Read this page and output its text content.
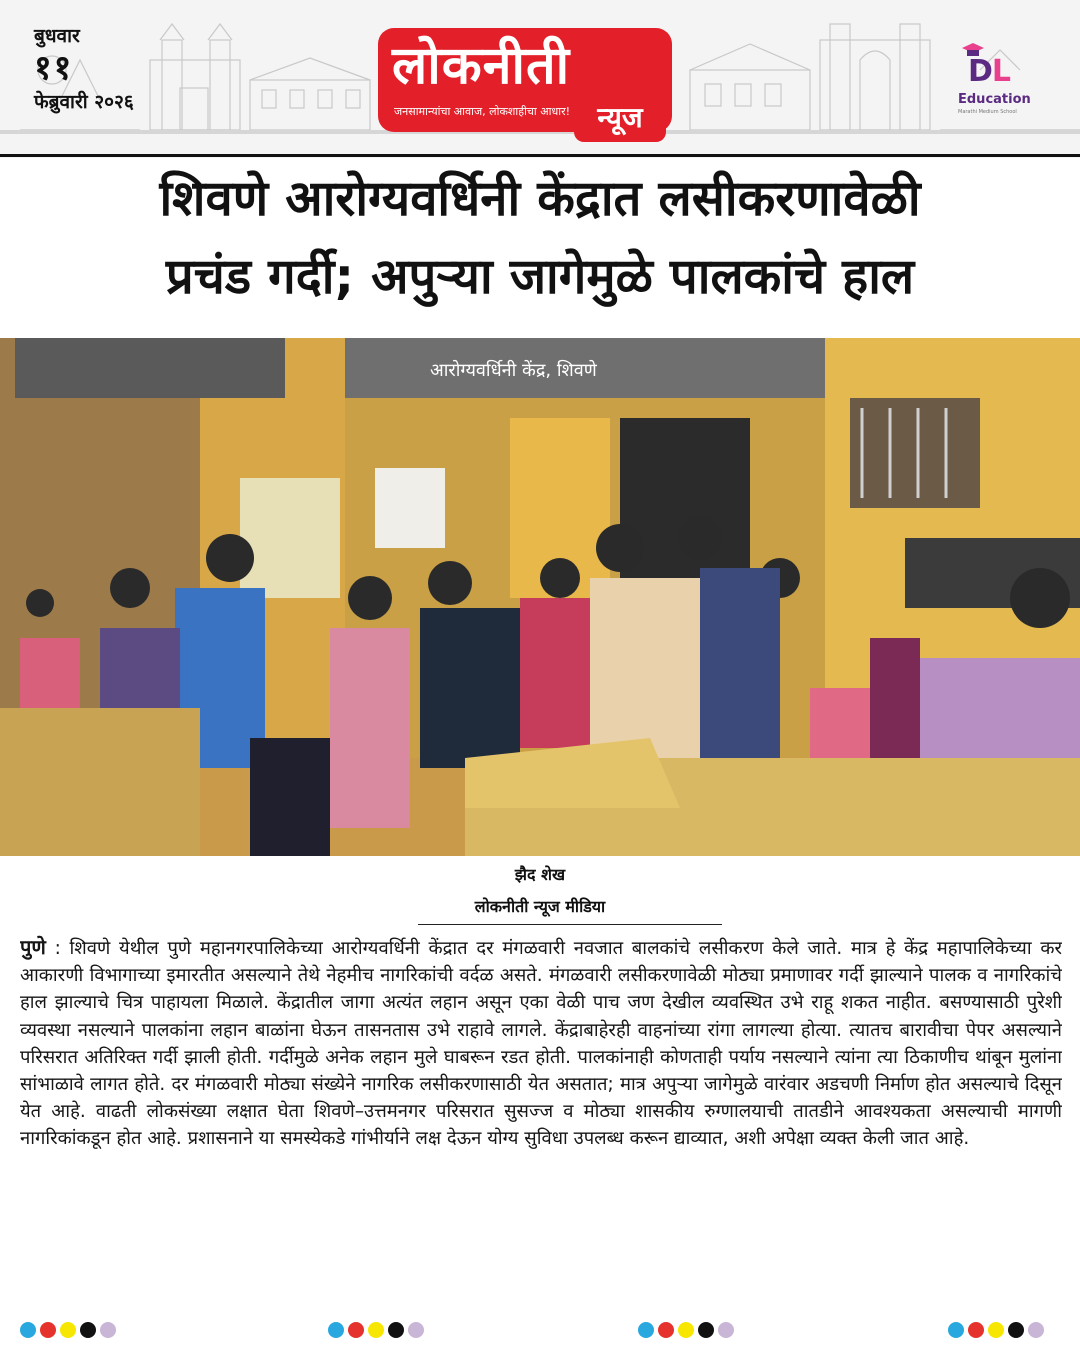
बुधवार
११
फेब्रुवारी २०२६
लोकनीती
जनसामान्यांचा आवाज, लोकशाहीचा आधार! न्यूज
DL
Education
Marathi Medium School
शिवणे आरोग्यवर्धिनी केंद्रात लसीकरणावेळी
प्रचंड गर्दी; अपुऱ्या जागेमुळे पालकांचे हाल
आरोग्यवर्धिनी केंद्र, शिवणे
झैद शेख
लोकनीती न्यूज मीडिया
पुणे : शिवणे येथील पुणे महानगरपालिकेच्या आरोग्यवर्धिनी केंद्रात दर मंगळवारी नवजात बालकांचे लसीकरण केले जाते. मात्र हे केंद्र महापालिकेच्या कर आकारणी विभागाच्या इमारतीत असल्याने तेथे नेहमीच नागरिकांची वर्दळ असते. मंगळवारी लसीकरणावेळी मोठ्या प्रमाणावर गर्दी झाल्याने पालक व नागरिकांचे हाल झाल्याचे चित्र पाहायला मिळाले. केंद्रातील जागा अत्यंत लहान असून एका वेळी पाच जण देखील व्यवस्थित उभे राहू शकत नाहीत. बसण्यासाठी पुरेशी व्यवस्था नसल्याने पालकांना लहान बाळांना घेऊन तासनतास उभे राहावे लागले. केंद्राबाहेरही वाहनांच्या रांगा लागल्या होत्या. त्यातच बारावीचा पेपर असल्याने परिसरात अतिरिक्त गर्दी झाली होती. गर्दीमुळे अनेक लहान मुले घाबरून रडत होती. पालकांनाही कोणताही पर्याय नसल्याने त्यांना त्या ठिकाणीच थांबून मुलांना सांभाळावे लागत होते. दर मंगळवारी मोठ्या संख्येने नागरिक लसीकरणासाठी येत असतात; मात्र अपुऱ्या जागेमुळे वारंवार अडचणी निर्माण होत असल्याचे दिसून येत आहे. वाढती लोकसंख्या लक्षात घेता शिवणे–उत्तमनगर परिसरात सुसज्ज व मोठ्या शासकीय रुग्णालयाची तातडीने आवश्यकता असल्याची मागणी नागरिकांकडून होत आहे. प्रशासनाने या समस्येकडे गांभीर्याने लक्ष देऊन योग्य सुविधा उपलब्ध करून द्याव्यात, अशी अपेक्षा व्यक्त केली जात आहे.
